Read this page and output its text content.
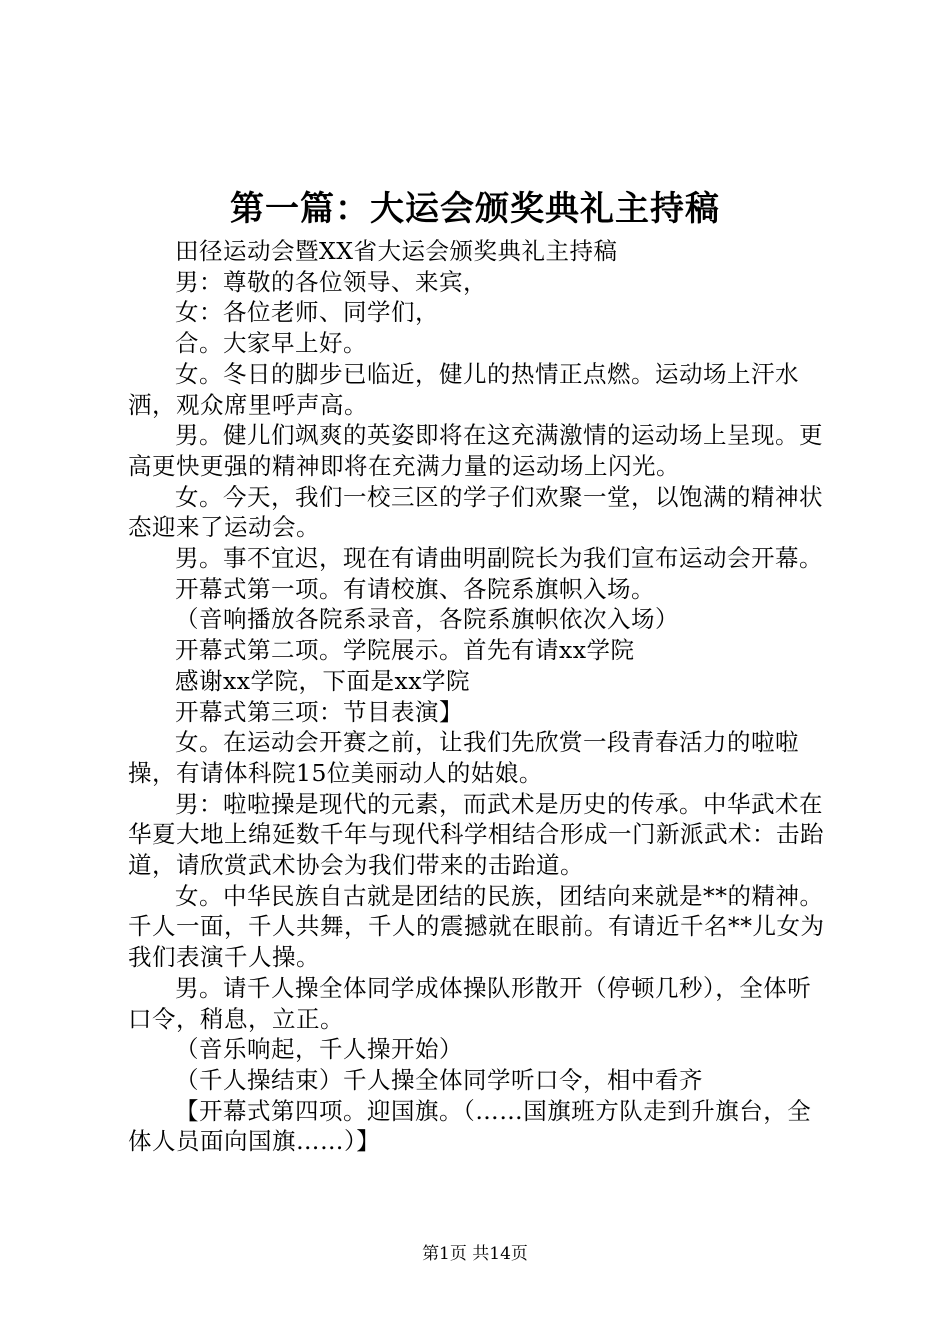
第一篇：大运会颁奖典礼主持稿

田径运动会暨XX省大运会颁奖典礼主持稿

男：尊敬的各位领导、来宾，

女：各位老师、同学们，

合。大家早上好。

女。冬日的脚步已临近，健儿的热情正点燃。运动场上汗水洒，观众席里呼声高。

男。健儿们飒爽的英姿即将在这充满激情的运动场上呈现。更高更快更强的精神即将在充满力量的运动场上闪光。

女。今天，我们一校三区的学子们欢聚一堂，以饱满的精神状态迎来了运动会。

男。事不宜迟，现在有请曲明副院长为我们宣布运动会开幕。

开幕式第一项。有请校旗、各院系旗帜入场。

（音响播放各院系录音，各院系旗帜依次入场）

开幕式第二项。学院展示。首先有请xx学院

感谢xx学院，下面是xx学院

开幕式第三项：节目表演】

女。在运动会开赛之前，让我们先欣赏一段青春活力的啦啦操，有请体科院15位美丽动人的姑娘。

男：啦啦操是现代的元素，而武术是历史的传承。中华武术在华夏大地上绵延数千年与现代科学相结合形成一门新派武术：击跆道，请欣赏武术协会为我们带来的击跆道。

女。中华民族自古就是团结的民族，团结向来就是**的精神。千人一面，千人共舞，千人的震撼就在眼前。有请近千名**儿女为我们表演千人操。

男。请千人操全体同学成体操队形散开（停顿几秒），全体听口令，稍息，立正。

（音乐响起，千人操开始）

（千人操结束）千人操全体同学听口令，相中看齐

【开幕式第四项。迎国旗。（……国旗班方队走到升旗台，全体人员面向国旗……）】

第1页 共14页
